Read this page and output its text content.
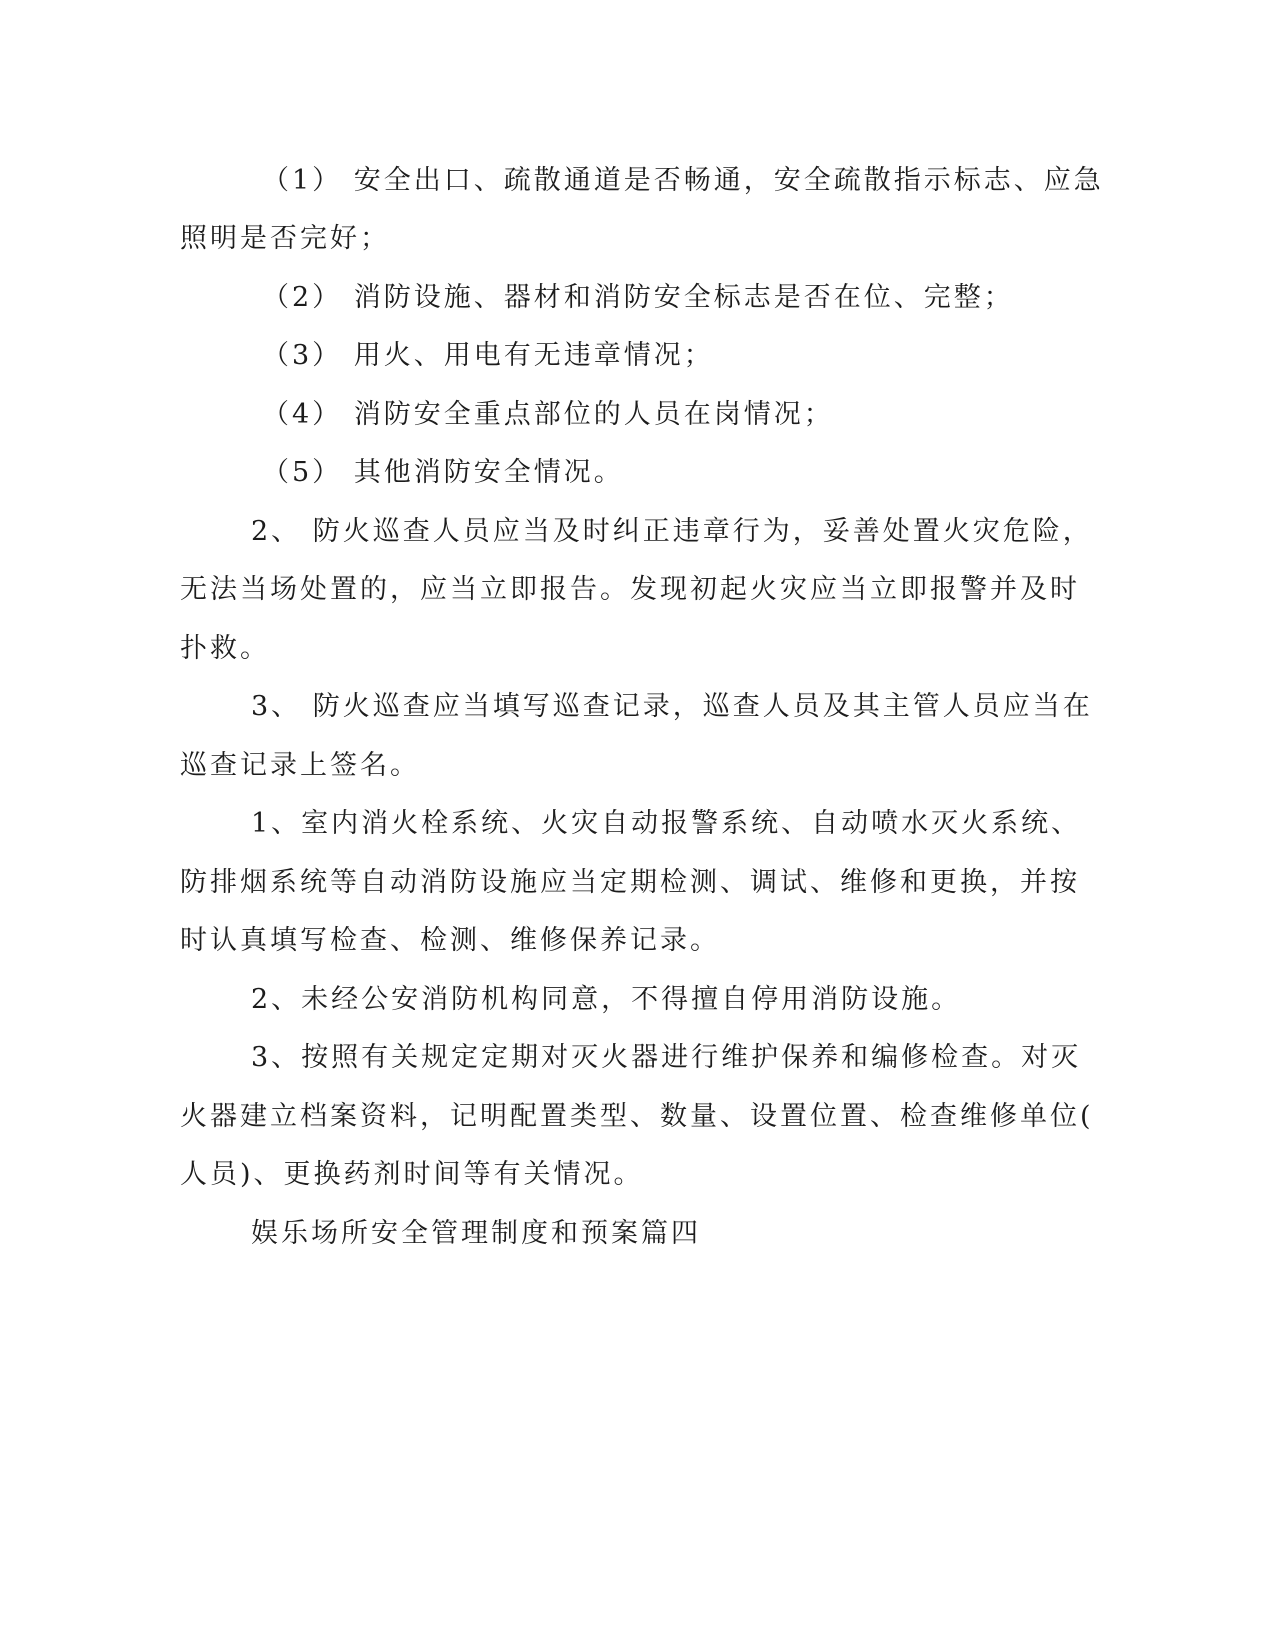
（1） 安全出口、疏散通道是否畅通，安全疏散指示标志、应急
照明是否完好；
（2） 消防设施、器材和消防安全标志是否在位、完整；
（3） 用火、用电有无违章情况；
（4） 消防安全重点部位的人员在岗情况；
（5） 其他消防安全情况。
2、 防火巡查人员应当及时纠正违章行为，妥善处置火灾危险，
无法当场处置的，应当立即报告。发现初起火灾应当立即报警并及时
扑救。
3、 防火巡查应当填写巡查记录，巡查人员及其主管人员应当在
巡查记录上签名。
1、室内消火栓系统、火灾自动报警系统、自动喷水灭火系统、
防排烟系统等自动消防设施应当定期检测、调试、维修和更换，并按
时认真填写检查、检测、维修保养记录。
2、未经公安消防机构同意，不得擅自停用消防设施。
3、按照有关规定定期对灭火器进行维护保养和编修检查。对灭
火器建立档案资料，记明配置类型、数量、设置位置、检查维修单位(
人员)、更换药剂时间等有关情况。
娱乐场所安全管理制度和预案篇四
